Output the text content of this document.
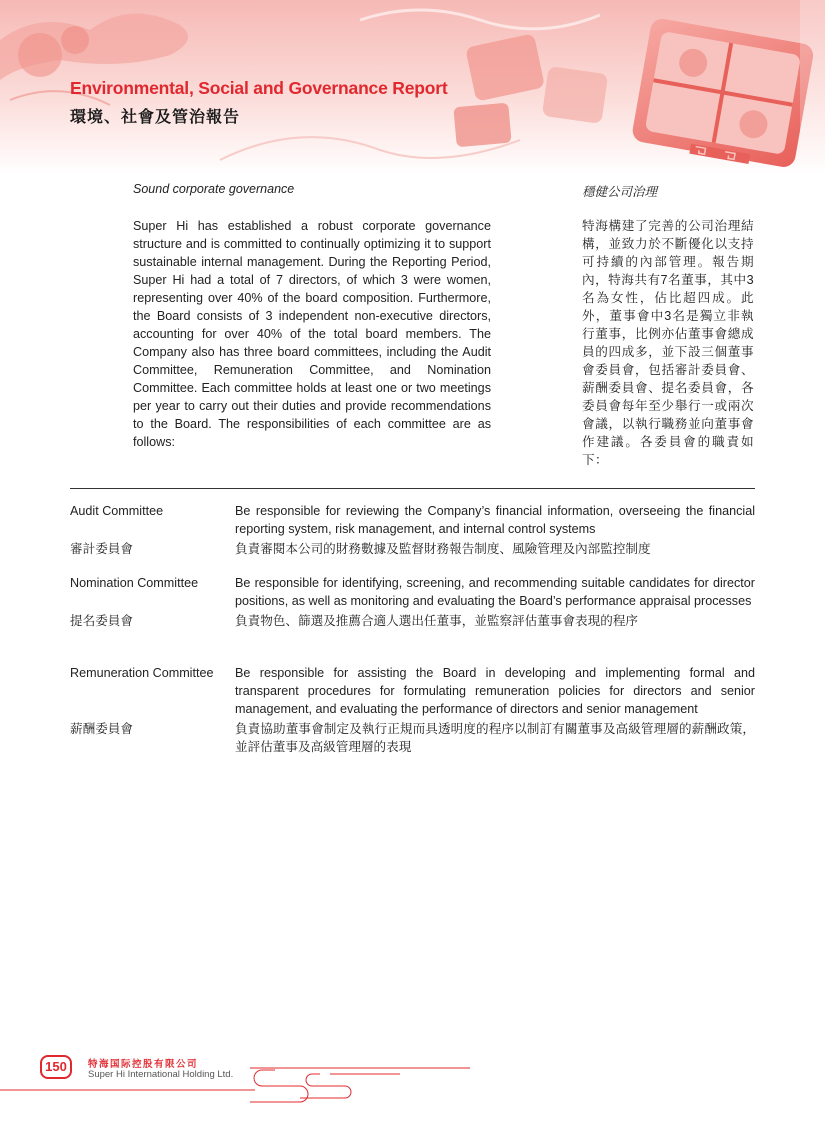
Environmental, Social and Governance Report
環境、社會及管治報告
Sound corporate governance	穩健公司治理

Super Hi has established a robust corporate governance structure and is committed to continually optimizing it to support sustainable internal management. During the Reporting Period, Super Hi had a total of 7 directors, of which 3 were women, representing over 40% of the board composition. Furthermore, the Board consists of 3 independent non-executive directors, accounting for over 40% of the total board members. The Company also has three board committees, including the Audit Committee, Remuneration Committee, and Nomination Committee. Each committee holds at least one or two meetings per year to carry out their duties and provide recommendations to the Board. The responsibilities of each committee are as follows:

特海構建了完善的公司治理結構，並致力於不斷優化以支持可持續的內部管理。報告期內，特海共有7名董事，其中3名為女性，佔比超四成。此外，董事會中3名是獨立非執行董事，比例亦佔董事會總成員的四成多，並下設三個董事會委員會，包括審計委員會、薪酬委員會、提名委員會，各委員會每年至少舉行一或兩次會議，以執行職務並向董事會作建議。各委員會的職責如下：

Audit Committee	Be responsible for reviewing the Company’s financial information, overseeing the financial reporting system, risk management, and internal control systems
審計委員會	負責審閱本公司的財務數據及監督財務報告制度、風險管理及內部監控制度
Nomination Committee	Be responsible for identifying, screening, and recommending suitable candidates for director positions, as well as monitoring and evaluating the Board’s performance appraisal processes
提名委員會	負責物色、篩選及推薦合適人選出任董事，並監察評估董事會表現的程序
Remuneration Committee	Be responsible for assisting the Board in developing and implementing formal and transparent procedures for formulating remuneration policies for directors and senior management, and evaluating the performance of directors and senior management
薪酬委員會	負責協助董事會制定及執行正規而具透明度的程序以制訂有關董事及高級管理層的薪酬政策，並評估董事及高級管理層的表現
150	特海国际控股有限公司
Super Hi International Holding Ltd.
